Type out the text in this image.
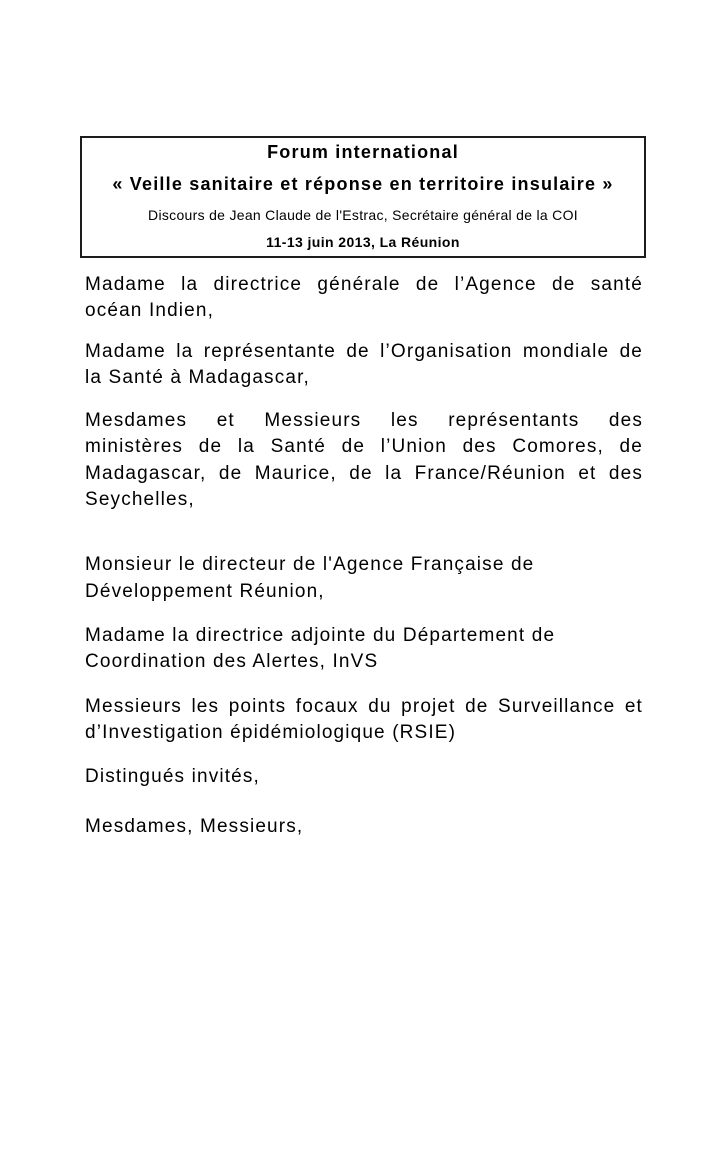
Forum international
« Veille sanitaire et réponse en territoire insulaire »
Discours de Jean Claude de l'Estrac, Secrétaire général de la COI
11-13 juin 2013, La Réunion
Madame la directrice générale de l’Agence de santé
océan Indien,
Madame la représentante de l’Organisation mondiale de
la Santé à Madagascar,
Mesdames et Messieurs les représentants des
ministères de la Santé de l’Union des Comores, de
Madagascar, de Maurice, de la France/Réunion et des
Seychelles,
Monsieur le directeur de l'Agence Française de
Développement Réunion,
Madame la directrice adjointe du Département de
Coordination des Alertes, InVS
Messieurs les points focaux du projet de Surveillance et
d’Investigation épidémiologique (RSIE)
Distingués invités,
Mesdames, Messieurs,
